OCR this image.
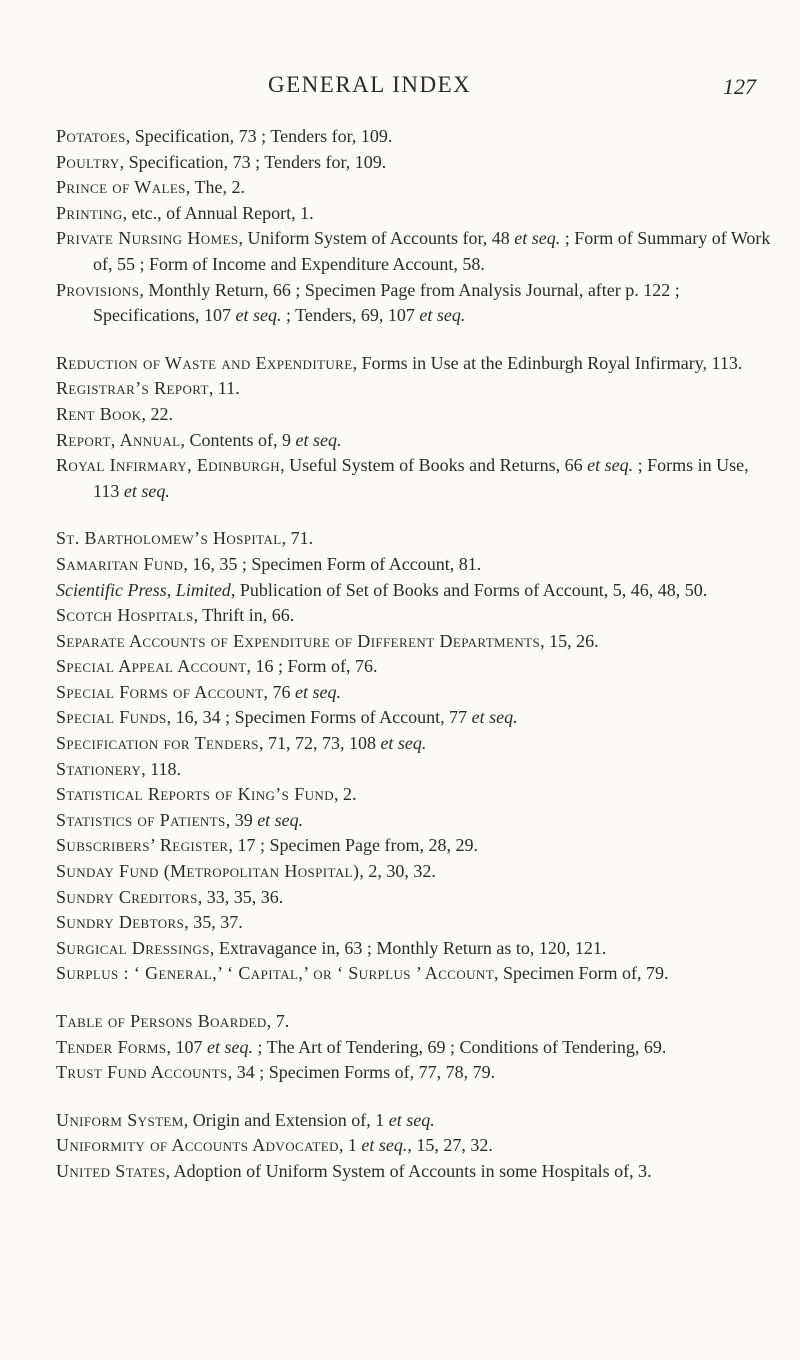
GENERAL INDEX	127

Potatoes, Specification, 73 ; Tenders for, 109.

Poultry, Specification, 73 ; Tenders for, 109.

Prince of Wales, The, 2.

Printing, etc., of Annual Report, 1.

Private Nursing Homes, Uniform System of Accounts for, 48 et seq. ; Form of Summary of Work of, 55 ; Form of Income and Expenditure Account, 58.

Provisions, Monthly Return, 66 ; Specimen Page from Analysis Journal, after p. 122 ; Specifications, 107 et seq. ; Tenders, 69, 107 et seq.

Reduction of Waste and Expenditure, Forms in Use at the Edinburgh Royal Infirmary, 113.

Registrar’s Report, 11.

Rent Book, 22.

Report, Annual, Contents of, 9 et seq.

Royal Infirmary, Edinburgh, Useful System of Books and Returns, 66 et seq. ; Forms in Use, 113 et seq.

St. Bartholomew’s Hospital, 71.

Samaritan Fund, 16, 35 ; Specimen Form of Account, 81.

Scientific Press, Limited, Publication of Set of Books and Forms of Account, 5, 46, 48, 50.

Scotch Hospitals, Thrift in, 66.

Separate Accounts of Expenditure of Different Departments, 15, 26.

Special Appeal Account, 16 ; Form of, 76.

Special Forms of Account, 76 et seq.

Special Funds, 16, 34 ; Specimen Forms of Account, 77 et seq.

Specification for Tenders, 71, 72, 73, 108 et seq.

Stationery, 118.

Statistical Reports of King’s Fund, 2.

Statistics of Patients, 39 et seq.

Subscribers’ Register, 17 ; Specimen Page from, 28, 29.

Sunday Fund (Metropolitan Hospital), 2, 30, 32.

Sundry Creditors, 33, 35, 36.

Sundry Debtors, 35, 37.

Surgical Dressings, Extravagance in, 63 ; Monthly Return as to, 120, 121.

Surplus : ‘ General,’ ‘ Capital,’ or ‘ Surplus ’ Account, Specimen Form of, 79.

Table of Persons Boarded, 7.

Tender Forms, 107 et seq. ; The Art of Tendering, 69 ; Conditions of Tendering, 69.

Trust Fund Accounts, 34 ; Specimen Forms of, 77, 78, 79.

Uniform System, Origin and Extension of, 1 et seq.

Uniformity of Accounts Advocated, 1 et seq., 15, 27, 32.

United States, Adoption of Uniform System of Accounts in some Hospitals of, 3.
